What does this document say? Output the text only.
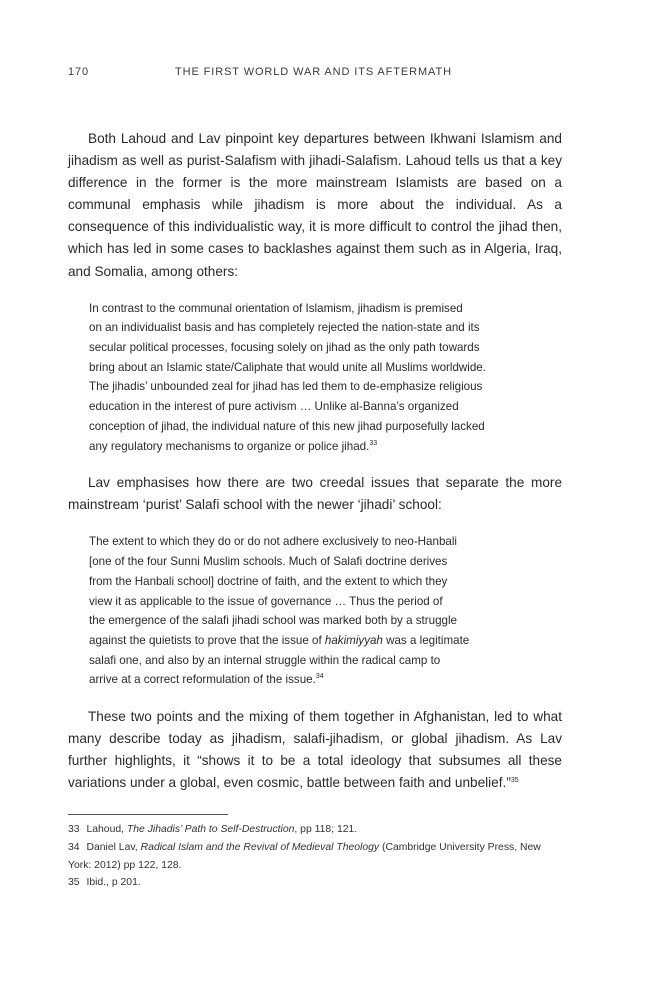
170	THE FIRST WORLD WAR AND ITS AFTERMATH

Both Lahoud and Lav pinpoint key departures between Ikhwani Islamism and jihadism as well as purist-Salafism with jihadi-Salafism. Lahoud tells us that a key difference in the former is the more mainstream Islamists are based on a communal emphasis while jihadism is more about the individual. As a consequence of this individualistic way, it is more difficult to control the jihad then, which has led in some cases to backlashes against them such as in Algeria, Iraq, and Somalia, among others:

In contrast to the communal orientation of Islamism, jihadism is premised
on an individualist basis and has completely rejected the nation-state and its
secular political processes, focusing solely on jihad as the only path towards
bring about an Islamic state/Caliphate that would unite all Muslims worldwide.
The jihadis’ unbounded zeal for jihad has led them to de-emphasize religious
education in the interest of pure activism … Unlike al-Banna’s organized
conception of jihad, the individual nature of this new jihad purposefully lacked
any regulatory mechanisms to organize or police jihad.$^{33}$

Lav emphasises how there are two creedal issues that separate the more mainstream ‘purist’ Salafi school with the newer ‘jihadi’ school:

The extent to which they do or do not adhere exclusively to neo-Hanbali
[one of the four Sunni Muslim schools. Much of Salafi doctrine derives
from the Hanbali school] doctrine of faith, and the extent to which they
view it as applicable to the issue of governance … Thus the period of
the emergence of the salafi jihadi school was marked both by a struggle
against the quietists to prove that the issue of hakimiyyah was a legitimate
salafi one, and also by an internal struggle within the radical camp to
arrive at a correct reformulation of the issue.$^{34}$

These two points and the mixing of them together in Afghanistan, led to what many describe today as jihadism, salafi-jihadism, or global jihadism. As Lav further highlights, it “shows it to be a total ideology that subsumes all these variations under a global, even cosmic, battle between faith and unbelief.”$^{35}$

33 Lahoud, The Jihadis’ Path to Self-Destruction, pp 118; 121.

34 Daniel Lav, Radical Islam and the Revival of Medieval Theology (Cambridge University Press, New York: 2012) pp 122, 128.

35 Ibid., p 201.
